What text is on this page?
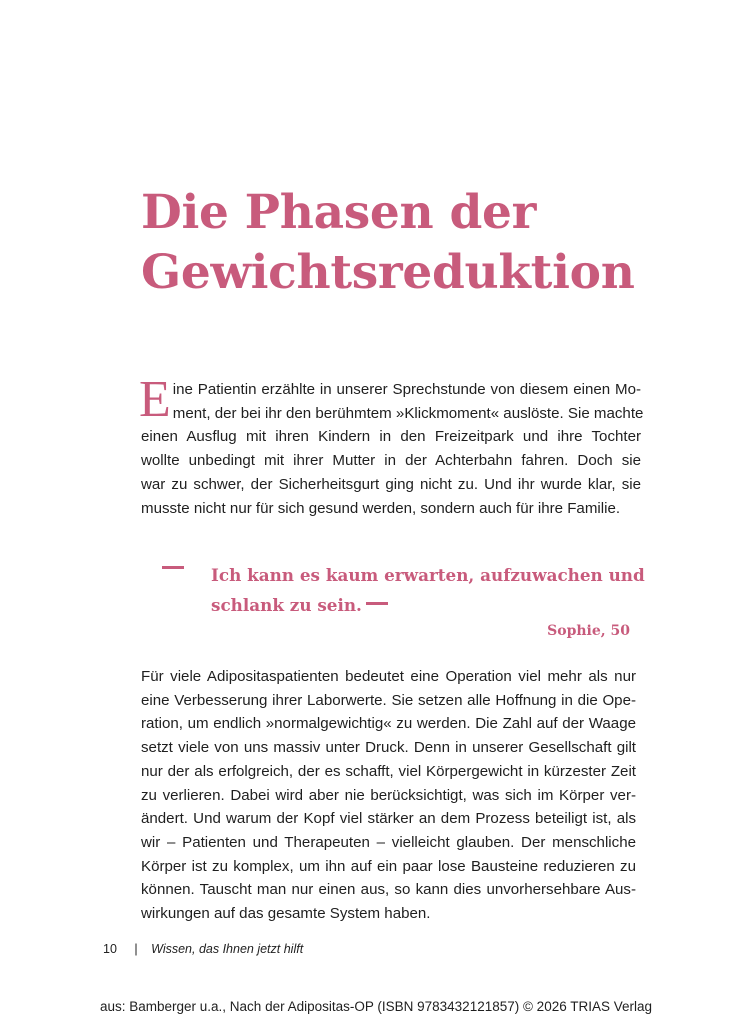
Die Phasen der
Gewichtsreduktion

E ine Patientin erzählte in unserer Sprechstunde von diesem einen Mo-
ment, der bei ihr den berühmtem »Klickmoment« auslöste. Sie machte
einen Ausflug mit ihren Kindern in den Freizeitpark und ihre Tochter
wollte unbedingt mit ihrer Mutter in der Achterbahn fahren. Doch sie
war zu schwer, der Sicherheitsgurt ging nicht zu. Und ihr wurde klar, sie
musste nicht nur für sich gesund werden, sondern auch für ihre Familie.

Ich kann es kaum erwarten, aufzuwachen und
schlank zu sein.

Sophie, 50

Für viele Adipositaspatienten bedeutet eine Operation viel mehr als nur
eine Verbesserung ihrer Laborwerte. Sie setzen alle Hoffnung in die Ope-
ration, um endlich »normalgewichtig« zu werden. Die Zahl auf der Waage
setzt viele von uns massiv unter Druck. Denn in unserer Gesellschaft gilt
nur der als erfolgreich, der es schafft, viel Körpergewicht in kürzester Zeit
zu verlieren. Dabei wird aber nie berücksichtigt, was sich im Körper ver-
ändert. Und warum der Kopf viel stärker an dem Prozess beteiligt ist, als
wir – Patienten und Therapeuten – vielleicht glauben. Der menschliche
Körper ist zu komplex, um ihn auf ein paar lose Bausteine reduzieren zu
können. Tauscht man nur einen aus, so kann dies unvorhersehbare Aus-
wirkungen auf das gesamte System haben.

10 | Wissen, das Ihnen jetzt hilft
aus: Bamberger u.a., Nach der Adipositas-OP (ISBN 9783432121857) © 2026 TRIAS Verlag
